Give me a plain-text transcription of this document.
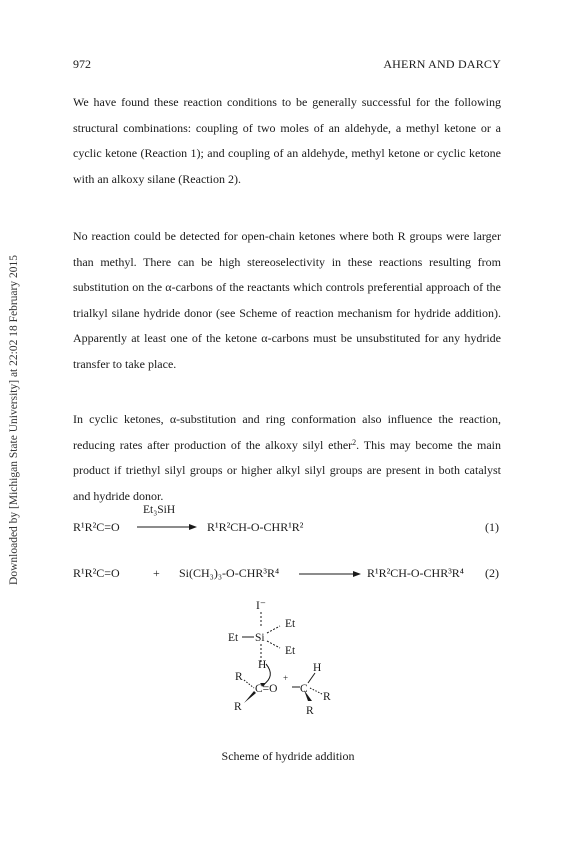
Downloaded by [Michigan State University] at 22:02 18 February 2015
972	AHERN AND DARCY

We have found these reaction conditions to be generally successful for the following structural combinations: coupling of two moles of an aldehyde, a methyl ketone or a cyclic ketone (Reaction 1); and coupling of an aldehyde, methyl ketone or cyclic ketone with an alkoxy silane (Reaction 2).

No reaction could be detected for open-chain ketones where both R groups were larger than methyl. There can be high stereoselectivity in these reactions resulting from substitution on the α-carbons of the reactants which controls preferential approach of the trialkyl silane hydride donor (see Scheme of reaction mechanism for hydride addition). Apparently at least one of the ketone α-carbons must be unsubstituted for any hydride transfer to take place.

In cyclic ketones, α-substitution and ring conformation also influence the reaction, reducing rates after production of the alkoxy silyl ether$^2$. This may become the main product if triethyl silyl groups or higher alkyl silyl groups are present in both catalyst and hydride donor.

R¹R²C=O
Et₃SiH
R¹R²CH-O-CHR¹R²	(1)
R¹R²C=O	+ Si(CH₃)₃-O-CHR³R⁴	R¹R²CH-O-CHR³R⁴ (2)
I⁻
Et
Et Si
Et
H
R
C=O
+
C
H
R
R	R
Scheme of hydride addition
